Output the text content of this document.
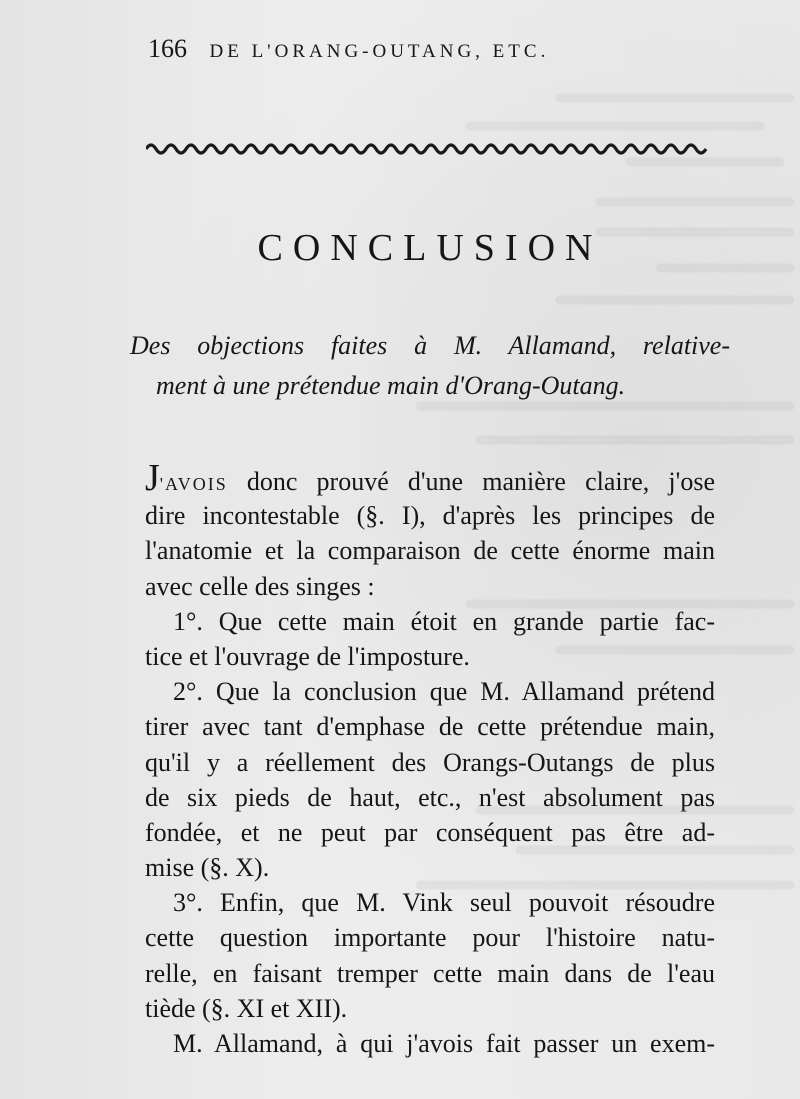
166 DE L'ORANG-OUTANG, ETC.
CONCLUSION
Des objections faites à M. Allamand, relative-
ment à une prétendue main d'Orang-Outang.
J'AVOIS donc prouvé d'une manière claire, j'ose
dire incontestable (§. I), d'après les principes de
l'anatomie et la comparaison de cette énorme main
avec celle des singes :
1°. Que cette main étoit en grande partie fac-
tice et l'ouvrage de l'imposture.
2°. Que la conclusion que M. Allamand prétend
tirer avec tant d'emphase de cette prétendue main,
qu'il y a réellement des Orangs-Outangs de plus
de six pieds de haut, etc., n'est absolument pas
fondée, et ne peut par conséquent pas être ad-
mise (§. X).
3°. Enfin, que M. Vink seul pouvoit résoudre
cette question importante pour l'histoire natu-
relle, en faisant tremper cette main dans de l'eau
tiède (§. XI et XII).
M. Allamand, à qui j'avois fait passer un exem-
